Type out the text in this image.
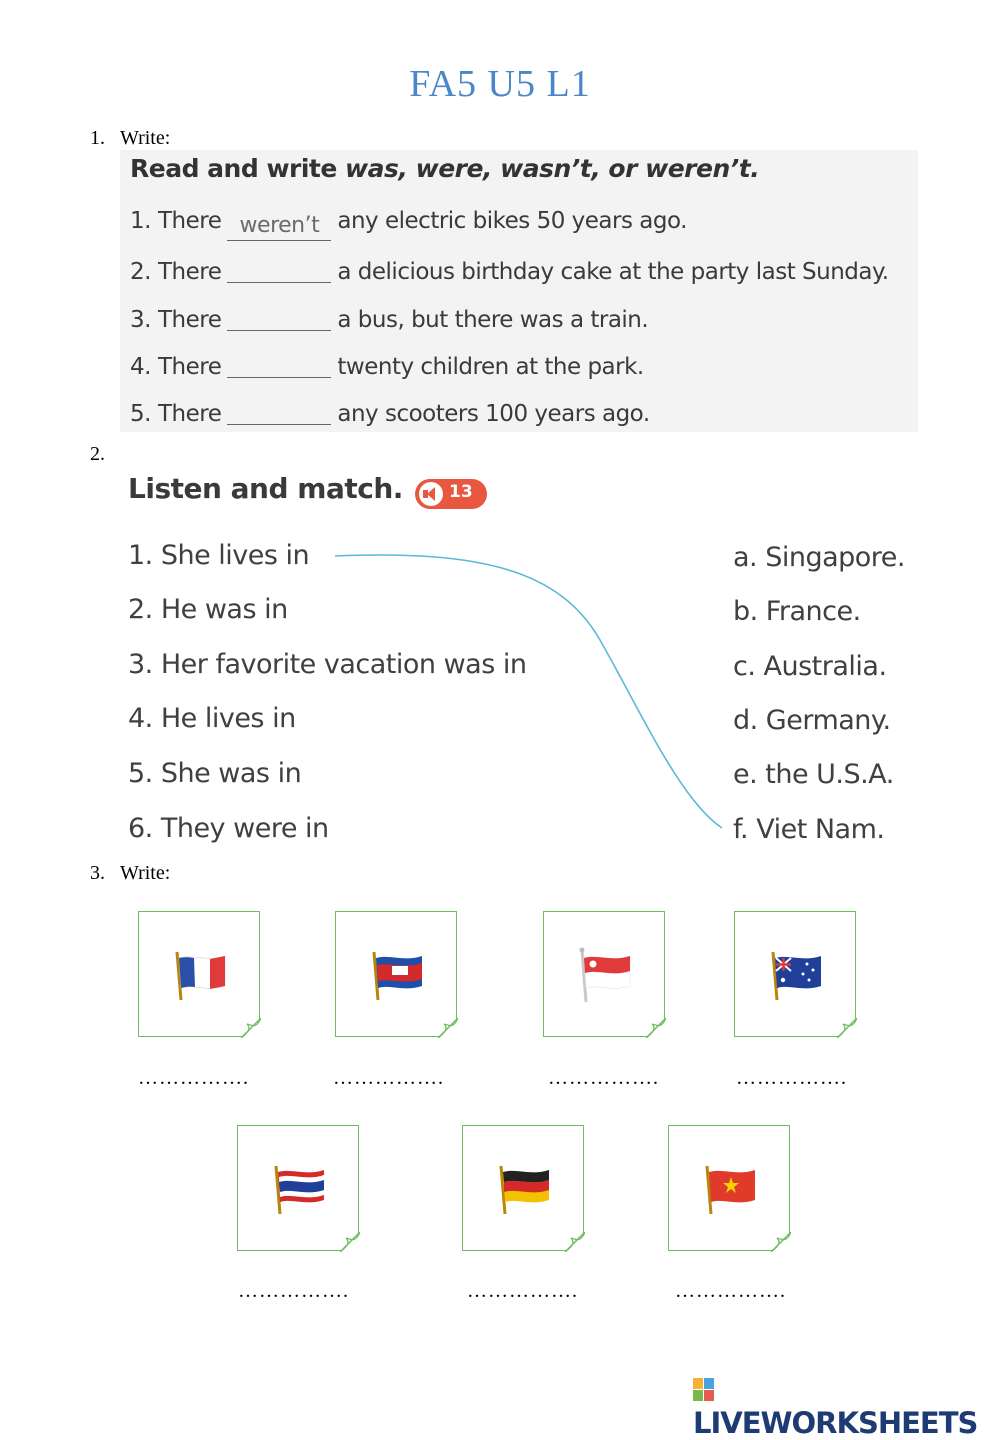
FA5 U5 L1
1. Write:
Read and write was, were, wasn’t, or weren’t.
1. There weren’t any electric bikes 50 years ago.
2. There	a delicious birthday cake at the party last Sunday.
3. There	a bus, but there was a train.
4. There	twenty children at the park.
5. There	any scooters 100 years ago.
2.
Listen and match.	13
1. She lives in
2. He was in
3. Her favorite vacation was in
4. He lives in
5. She was in
6. They were in
a. Singapore.
b. France.
c. Australia.
d. Germany.
e. the U.S.A.
f. Viet Nam.
3. Write:
…………….	…………….	…………….	…………….
…………….	…………….	…………….
LIVEWORKSHEETS
